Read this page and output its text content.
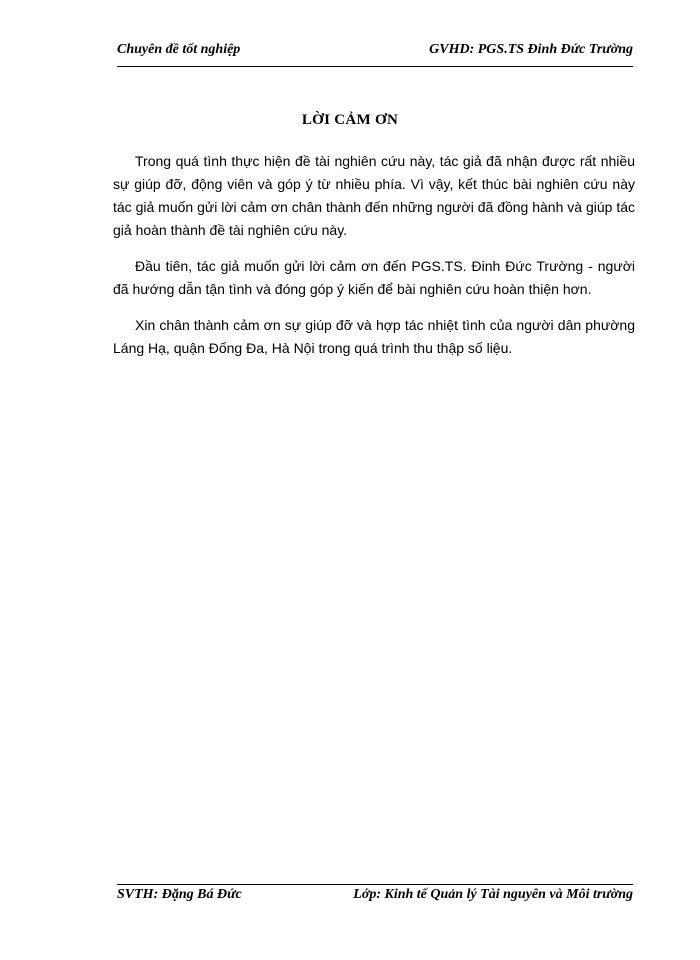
Chuyên đề tốt nghiệp	GVHD: PGS.TS Đinh Đức Trường
LỜI CẢM ƠN

Trong quá tình thực hiện đề tài nghiên cứu này, tác giả đã nhận được rất nhiều sự giúp đỡ, động viên và góp ý từ nhiều phía. Vì vậy, kết thúc bài nghiên cứu này tác giả muốn gửi lời cảm ơn chân thành đến những người đã đồng hành và giúp tác giả hoàn thành đề tài nghiên cứu này.

Đầu tiên, tác giả muốn gửi lời cảm ơn đến PGS.TS. Đinh Đức Trường - người đã hướng dẫn tận tình và đóng góp ý kiến để bài nghiên cứu hoàn thiện hơn.

Xin chân thành cảm ơn sự giúp đỡ và hợp tác nhiệt tình của người dân phường Láng Hạ, quận Đống Đa, Hà Nội trong quá trình thu thập số liệu.

SVTH: Đặng Bá Đức	Lớp: Kinh tế Quản lý Tài nguyên và Môi trường
